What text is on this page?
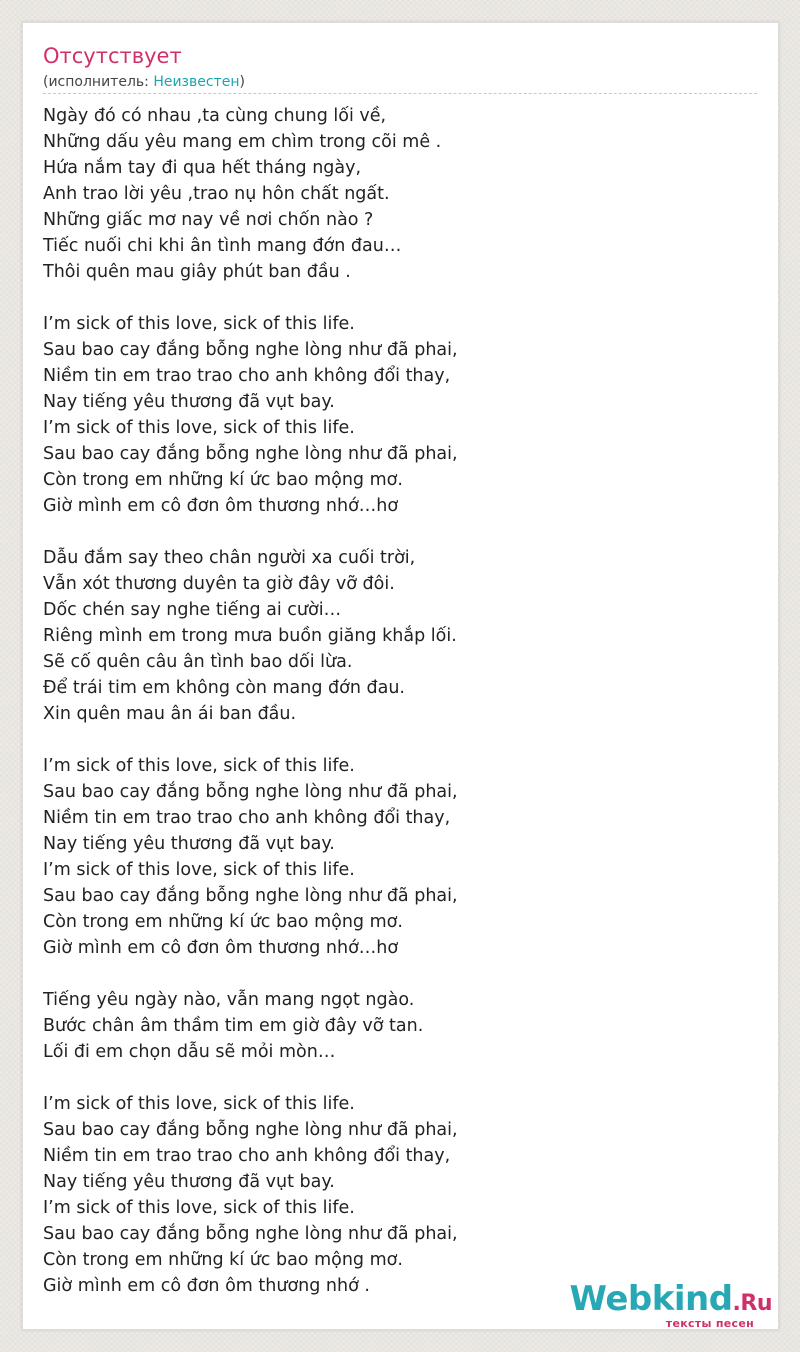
Отсутствует
(исполнитель: Неизвестен)
Ngày đó có nhau ,ta cùng chung lối về,
Những dấu yêu mang em chìm trong cõi mê .
Hứa nắm tay đi qua hết tháng ngày,
Anh trao lời yêu ,trao nụ hôn chất ngất.
Những giấc mơ nay về nơi chốn nào ?
Tiếc nuối chi khi ân tình mang đớn đau…
Thôi quên mau giây phút ban đầu .
I’m sick of this love, sick of this life.
Sau bao cay đắng bỗng nghe lòng như đã phai,
Niềm tin em trao trao cho anh không đổi thay,
Nay tiếng yêu thương đã vụt bay.
I’m sick of this love, sick of this life.
Sau bao cay đắng bỗng nghe lòng như đã phai,
Còn trong em những kí ức bao mộng mơ.
Giờ mình em cô đơn ôm thương nhớ…hơ
Dẫu đắm say theo chân người xa cuối trời,
Vẫn xót thương duyên ta giờ đây vỡ đôi.
Dốc chén say nghe tiếng ai cười…
Riêng mình em trong mưa buồn giăng khắp lối.
Sẽ cố quên câu ân tình bao dối lừa.
Để trái tim em không còn mang đớn đau.
Xin quên mau ân ái ban đầu.
I’m sick of this love, sick of this life.
Sau bao cay đắng bỗng nghe lòng như đã phai,
Niềm tin em trao trao cho anh không đổi thay,
Nay tiếng yêu thương đã vụt bay.
I’m sick of this love, sick of this life.
Sau bao cay đắng bỗng nghe lòng như đã phai,
Còn trong em những kí ức bao mộng mơ.
Giờ mình em cô đơn ôm thương nhớ…hơ
Tiếng yêu ngày nào, vẫn mang ngọt ngào.
Bước chân âm thầm tim em giờ đây vỡ tan.
Lối đi em chọn dẫu sẽ mỏi mòn…
I’m sick of this love, sick of this life.
Sau bao cay đắng bỗng nghe lòng như đã phai,
Niềm tin em trao trao cho anh không đổi thay,
Nay tiếng yêu thương đã vụt bay.
I’m sick of this love, sick of this life.
Sau bao cay đắng bỗng nghe lòng như đã phai,
Còn trong em những kí ức bao mộng mơ.
Giờ mình em cô đơn ôm thương nhớ .	Webkind.Ru
тексты песен
